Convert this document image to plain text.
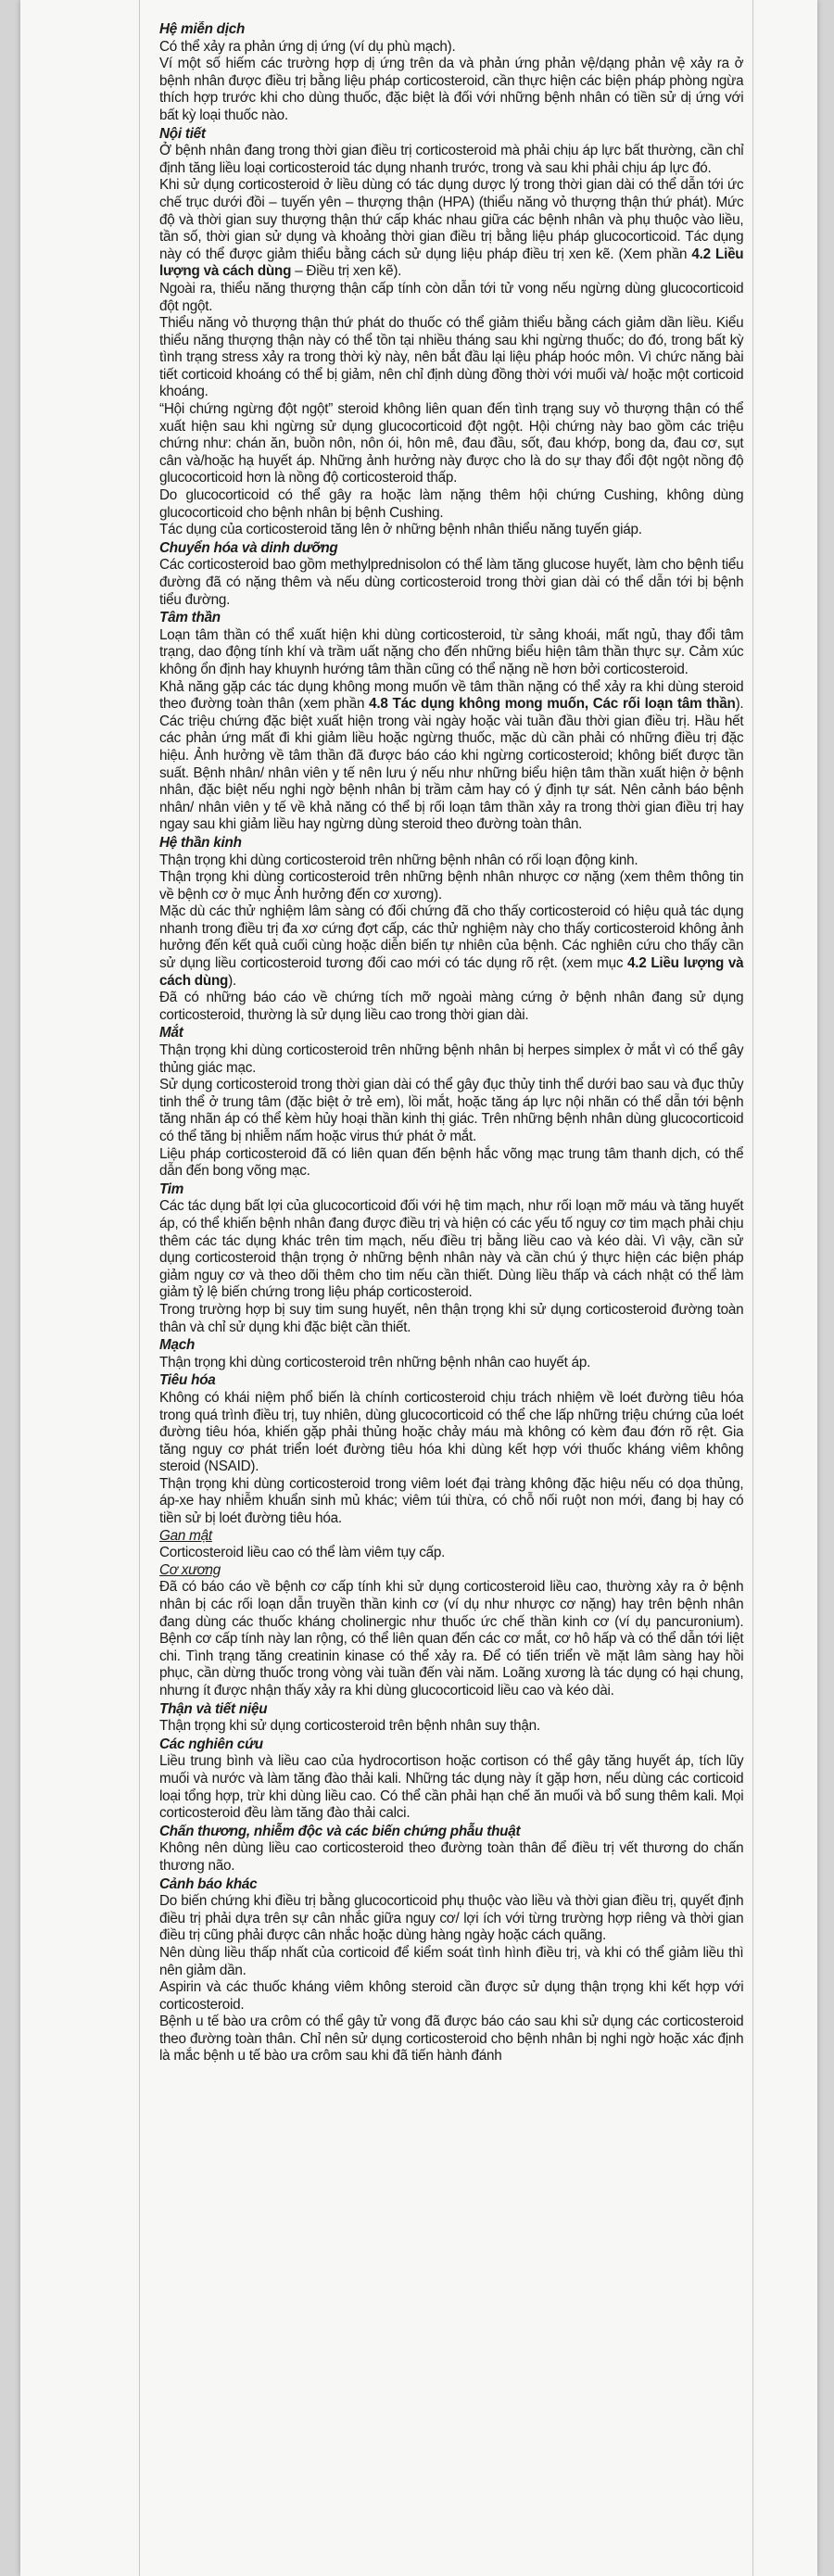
Hệ miễn dịch

Có thể xảy ra phản ứng dị ứng (ví dụ phù mạch).

Ví một số hiếm các trường hợp dị ứng trên da và phản ứng phản vệ/dạng phản vệ xảy ra ở bệnh nhân được điều trị bằng liệu pháp corticosteroid, cần thực hiện các biện pháp phòng ngừa thích hợp trước khi cho dùng thuốc, đặc biệt là đối với những bệnh nhân có tiền sử dị ứng với bất kỳ loại thuốc nào.

Nội tiết

Ở bệnh nhân đang trong thời gian điều trị corticosteroid mà phải chịu áp lực bất thường, cần chỉ định tăng liều loại corticosteroid tác dụng nhanh trước, trong và sau khi phải chịu áp lực đó.

Khi sử dụng corticosteroid ở liều dùng có tác dụng dược lý trong thời gian dài có thể dẫn tới ức chế trục dưới đồi – tuyến yên – thượng thận (HPA) (thiểu năng vỏ thượng thận thứ phát). Mức độ và thời gian suy thượng thận thứ cấp khác nhau giữa các bệnh nhân và phụ thuộc vào liều, tần số, thời gian sử dụng và khoảng thời gian điều trị bằng liệu pháp glucocorticoid. Tác dụng này có thể được giảm thiểu bằng cách sử dụng liệu pháp điều trị xen kẽ. (Xem phần 4.2 Liều lượng và cách dùng – Điều trị xen kẽ).

Ngoài ra, thiểu năng thượng thận cấp tính còn dẫn tới tử vong nếu ngừng dùng glucocorticoid đột ngột.

Thiểu năng vỏ thượng thận thứ phát do thuốc có thể giảm thiểu bằng cách giảm dần liều. Kiểu thiểu năng thượng thận này có thể tồn tại nhiều tháng sau khi ngừng thuốc; do đó, trong bất kỳ tình trạng stress xảy ra trong thời kỳ này, nên bắt đầu lại liệu pháp hoóc môn. Vì chức năng bài tiết corticoid khoáng có thể bị giảm, nên chỉ định dùng đồng thời với muối và/ hoặc một corticoid khoáng.

“Hội chứng ngừng đột ngột” steroid không liên quan đến tình trạng suy vỏ thượng thận có thể xuất hiện sau khi ngừng sử dụng glucocorticoid đột ngột. Hội chứng này bao gồm các triệu chứng như: chán ăn, buồn nôn, nôn ói, hôn mê, đau đầu, sốt, đau khớp, bong da, đau cơ, sụt cân và/hoặc hạ huyết áp. Những ảnh hưởng này được cho là do sự thay đổi đột ngột nồng độ glucocorticoid hơn là nồng độ corticosteroid thấp.

Do glucocorticoid có thể gây ra hoặc làm nặng thêm hội chứng Cushing, không dùng glucocorticoid cho bệnh nhân bị bệnh Cushing.

Tác dụng của corticosteroid tăng lên ở những bệnh nhân thiểu năng tuyến giáp.

Chuyển hóa và dinh dưỡng

Các corticosteroid bao gồm methylprednisolon có thể làm tăng glucose huyết, làm cho bệnh tiểu đường đã có nặng thêm và nếu dùng corticosteroid trong thời gian dài có thể dẫn tới bị bệnh tiểu đường.

Tâm thần

Loạn tâm thần có thể xuất hiện khi dùng corticosteroid, từ sảng khoái, mất ngủ, thay đổi tâm trạng, dao động tính khí và trầm uất nặng cho đến những biểu hiện tâm thần thực sự. Cảm xúc không ổn định hay khuynh hướng tâm thần cũng có thể nặng nề hơn bởi corticosteroid.

Khả năng gặp các tác dụng không mong muốn về tâm thần nặng có thể xảy ra khi dùng steroid theo đường toàn thân (xem phần 4.8 Tác dụng không mong muốn, Các rối loạn tâm thần). Các triệu chứng đặc biệt xuất hiện trong vài ngày hoặc vài tuần đầu thời gian điều trị. Hầu hết các phản ứng mất đi khi giảm liều hoặc ngừng thuốc, mặc dù cần phải có những điều trị đặc hiệu. Ảnh hưởng về tâm thần đã được báo cáo khi ngừng corticosteroid; không biết được tần suất. Bệnh nhân/ nhân viên y tế nên lưu ý nếu như những biểu hiện tâm thần xuất hiện ở bệnh nhân, đặc biệt nếu nghi ngờ bệnh nhân bị trầm cảm hay có ý định tự sát. Nên cảnh báo bệnh nhân/ nhân viên y tế về khả năng có thể bị rối loạn tâm thần xảy ra trong thời gian điều trị hay ngay sau khi giảm liều hay ngừng dùng steroid theo đường toàn thân.

Hệ thần kinh

Thận trọng khi dùng corticosteroid trên những bệnh nhân có rối loạn động kinh.

Thận trọng khi dùng corticosteroid trên những bệnh nhân nhược cơ nặng (xem thêm thông tin về bệnh cơ ở mục Ảnh hưởng đến cơ xương).

Mặc dù các thử nghiệm lâm sàng có đối chứng đã cho thấy corticosteroid có hiệu quả tác dụng nhanh trong điều trị đa xơ cứng đợt cấp, các thử nghiệm này cho thấy corticosteroid không ảnh hưởng đến kết quả cuối cùng hoặc diễn biến tự nhiên của bệnh. Các nghiên cứu cho thấy cần sử dụng liều corticosteroid tương đối cao mới có tác dụng rõ rệt. (xem mục 4.2 Liều lượng và cách dùng).

Đã có những báo cáo về chứng tích mỡ ngoài màng cứng ở bệnh nhân đang sử dụng corticosteroid, thường là sử dụng liều cao trong thời gian dài.

Mắt

Thận trọng khi dùng corticosteroid trên những bệnh nhân bị herpes simplex ở mắt vì có thể gây thủng giác mạc.

Sử dụng corticosteroid trong thời gian dài có thể gây đục thủy tinh thể dưới bao sau và đục thủy tinh thể ở trung tâm (đặc biệt ở trẻ em), lồi mắt, hoặc tăng áp lực nội nhãn có thể dẫn tới bệnh tăng nhãn áp có thể kèm hủy hoại thần kinh thị giác. Trên những bệnh nhân dùng glucocorticoid có thể tăng bị nhiễm nấm hoặc virus thứ phát ở mắt.

Liệu pháp corticosteroid đã có liên quan đến bệnh hắc võng mạc trung tâm thanh dịch, có thể dẫn đến bong võng mạc.

Tim

Các tác dụng bất lợi của glucocorticoid đối với hệ tim mạch, như rối loạn mỡ máu và tăng huyết áp, có thể khiến bệnh nhân đang được điều trị và hiện có các yếu tố nguy cơ tim mạch phải chịu thêm các tác dụng khác trên tim mạch, nếu điều trị bằng liều cao và kéo dài. Vì vậy, cần sử dụng corticosteroid thận trọng ở những bệnh nhân này và cần chú ý thực hiện các biện pháp giảm nguy cơ và theo dõi thêm cho tim nếu cần thiết. Dùng liều thấp và cách nhật có thể làm giảm tỷ lệ biến chứng trong liệu pháp corticosteroid.

Trong trường hợp bị suy tim sung huyết, nên thận trọng khi sử dụng corticosteroid đường toàn thân và chỉ sử dụng khi đặc biệt cần thiết.

Mạch

Thận trọng khi dùng corticosteroid trên những bệnh nhân cao huyết áp.

Tiêu hóa

Không có khái niệm phổ biến là chính corticosteroid chịu trách nhiệm về loét đường tiêu hóa trong quá trình điều trị, tuy nhiên, dùng glucocorticoid có thể che lấp những triệu chứng của loét đường tiêu hóa, khiến gặp phải thủng hoặc chảy máu mà không có kèm đau đớn rõ rệt. Gia tăng nguy cơ phát triển loét đường tiêu hóa khi dùng kết hợp với thuốc kháng viêm không steroid (NSAID).

Thận trọng khi dùng corticosteroid trong viêm loét đại tràng không đặc hiệu nếu có dọa thủng, áp-xe hay nhiễm khuẩn sinh mủ khác; viêm túi thừa, có chỗ nối ruột non mới, đang bị hay có tiền sử bị loét đường tiêu hóa.

Gan mật

Corticosteroid liều cao có thể làm viêm tụy cấp.

Cơ xương

Đã có báo cáo về bệnh cơ cấp tính khi sử dụng corticosteroid liều cao, thường xảy ra ở bệnh nhân bị các rối loạn dẫn truyền thần kinh cơ (ví dụ như nhược cơ nặng) hay trên bệnh nhân đang dùng các thuốc kháng cholinergic như thuốc ức chế thần kinh cơ (ví dụ pancuronium). Bệnh cơ cấp tính này lan rộng, có thể liên quan đến các cơ mắt, cơ hô hấp và có thể dẫn tới liệt chi. Tình trạng tăng creatinin kinase có thể xảy ra. Để có tiến triển về mặt lâm sàng hay hồi phục, cần dừng thuốc trong vòng vài tuần đến vài năm. Loãng xương là tác dụng có hại chung, nhưng ít được nhận thấy xảy ra khi dùng glucocorticoid liều cao và kéo dài.

Thận và tiết niệu

Thận trọng khi sử dụng corticosteroid trên bệnh nhân suy thận.

Các nghiên cứu

Liều trung bình và liều cao của hydrocortison hoặc cortison có thể gây tăng huyết áp, tích lũy muối và nước và làm tăng đào thải kali. Những tác dụng này ít gặp hơn, nếu dùng các corticoid loại tổng hợp, trừ khi dùng liều cao. Có thể cần phải hạn chế ăn muối và bổ sung thêm kali. Mọi corticosteroid đều làm tăng đào thải calci.

Chấn thương, nhiễm độc và các biến chứng phẫu thuật

Không nên dùng liều cao corticosteroid theo đường toàn thân để điều trị vết thương do chấn thương não.

Cảnh báo khác

Do biến chứng khi điều trị bằng glucocorticoid phụ thuộc vào liều và thời gian điều trị, quyết định điều trị phải dựa trên sự cân nhắc giữa nguy cơ/ lợi ích với từng trường hợp riêng và thời gian điều trị cũng phải được cân nhắc hoặc dùng hàng ngày hoặc cách quãng.

Nên dùng liều thấp nhất của corticoid để kiểm soát tình hình điều trị, và khi có thể giảm liều thì nên giảm dần.

Aspirin và các thuốc kháng viêm không steroid cần được sử dụng thận trọng khi kết hợp với corticosteroid.

Bệnh u tế bào ưa crôm có thể gây tử vong đã được báo cáo sau khi sử dụng các corticosteroid theo đường toàn thân. Chỉ nên sử dụng corticosteroid cho bệnh nhân bị nghi ngờ hoặc xác định là mắc bệnh u tế bào ưa crôm sau khi đã tiến hành đánh
